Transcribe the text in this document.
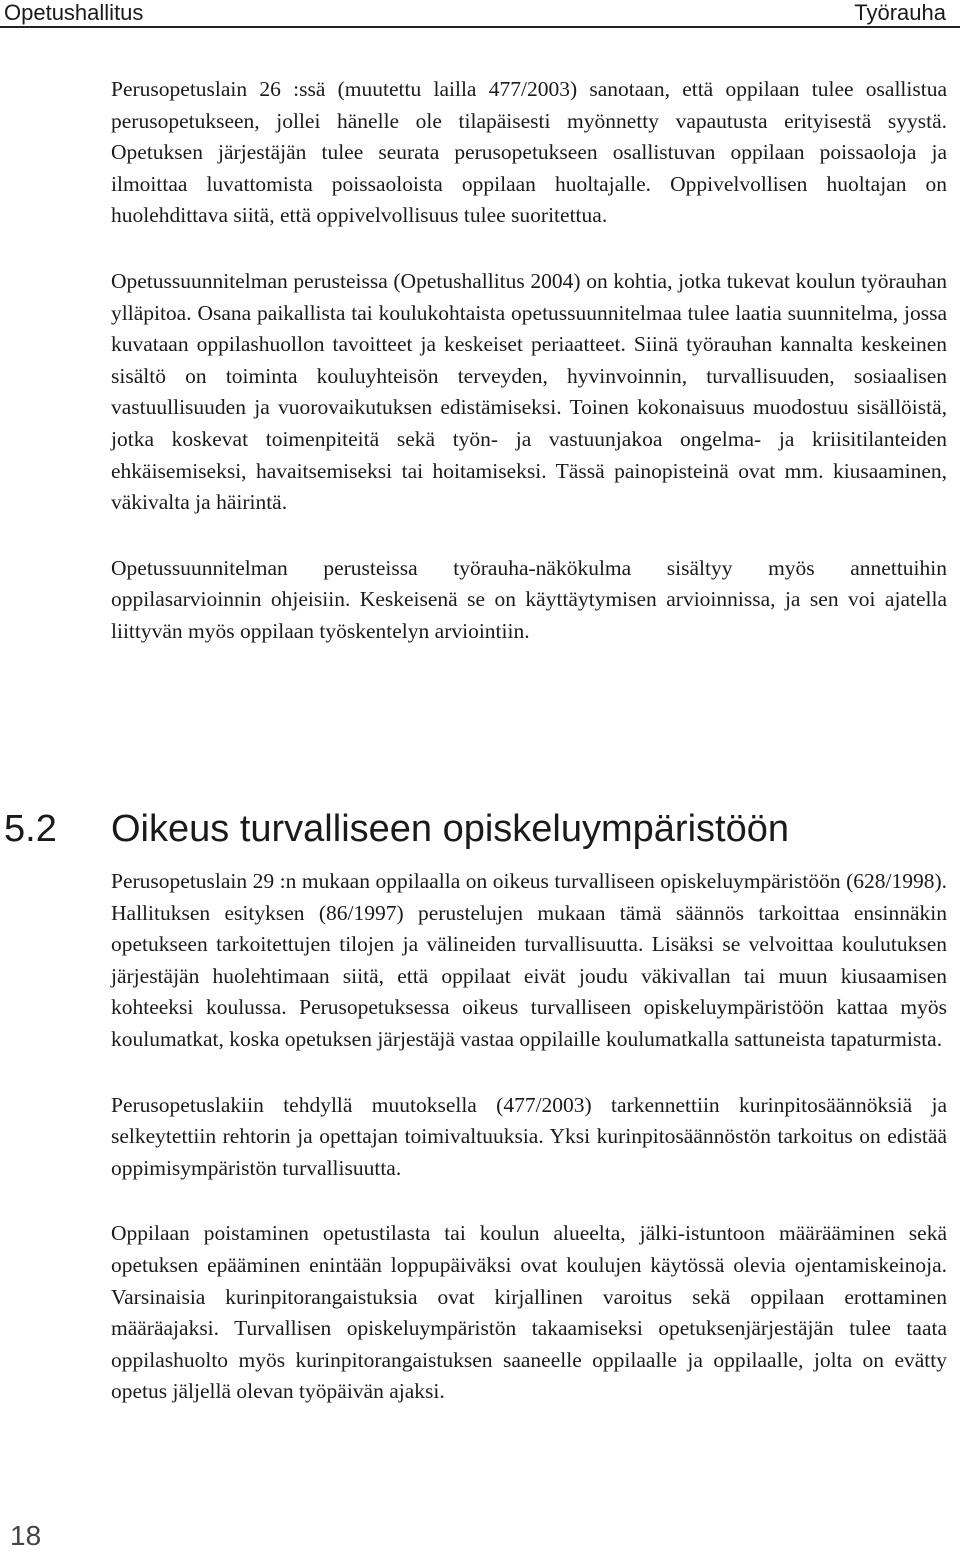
Opetushallitus	Työrauha

Perusopetuslain 26 :ssä (muutettu lailla 477/2003) sanotaan, että oppilaan tulee osallistua perusopetukseen, jollei hänelle ole tilapäisesti myönnetty vapautusta erityisestä syystä. Opetuksen järjestäjän tulee seurata perusopetukseen osallistuvan oppilaan poissaoloja ja ilmoittaa luvattomista poissaoloista oppilaan huoltajalle. Oppivelvollisen huoltajan on huolehdittava siitä, että oppivelvollisuus tulee suoritettua.

Opetussuunnitelman perusteissa (Opetushallitus 2004) on kohtia, jotka tukevat koulun työrauhan ylläpitoa. Osana paikallista tai koulukohtaista opetussuunnitelmaa tulee laatia suunnitelma, jossa kuvataan oppilashuollon tavoitteet ja keskeiset periaatteet. Siinä työrauhan kannalta keskeinen sisältö on toiminta kouluyhteisön terveyden, hyvinvoinnin, turvallisuuden, sosiaalisen vastuullisuuden ja vuorovaikutuksen edistämiseksi. Toinen kokonaisuus muodostuu sisällöistä, jotka koskevat toimenpiteitä sekä työn- ja vastuunjakoa ongelma- ja kriisitilanteiden ehkäisemiseksi, havaitsemiseksi tai hoitamiseksi. Tässä painopisteinä ovat mm. kiusaaminen, väkivalta ja häirintä.

Opetussuunnitelman perusteissa työrauha-näkökulma sisältyy myös annettuihin oppilasarvioinnin ohjeisiin. Keskeisenä se on käyttäytymisen arvioinnissa, ja sen voi ajatella liittyvän myös oppilaan työskentelyn arviointiin.

5.2 Oikeus turvalliseen opiskeluympäristöön

Perusopetuslain 29 :n mukaan oppilaalla on oikeus turvalliseen opiskeluympäristöön (628/1998). Hallituksen esityksen (86/1997) perustelujen mukaan tämä säännös tarkoittaa ensinnäkin opetukseen tarkoitettujen tilojen ja välineiden turvallisuutta. Lisäksi se velvoittaa koulutuksen järjestäjän huolehtimaan siitä, että oppilaat eivät joudu väkivallan tai muun kiusaamisen kohteeksi koulussa. Perusopetuksessa oikeus turvalliseen opiskeluympäristöön kattaa myös koulumatkat, koska opetuksen järjestäjä vastaa oppilaille koulumatkalla sattuneista tapaturmista.

Perusopetuslakiin tehdyllä muutoksella (477/2003) tarkennettiin kurinpitosäännöksiä ja selkeytettiin rehtorin ja opettajan toimivaltuuksia. Yksi kurinpitosäännöstön tarkoitus on edistää oppimisympäristön turvallisuutta.

Oppilaan poistaminen opetustilasta tai koulun alueelta, jälki-istuntoon määrääminen sekä opetuksen epääminen enintään loppupäiväksi ovat koulujen käytössä olevia ojentamiskeinoja. Varsinaisia kurinpitorangaistuksia ovat kirjallinen varoitus sekä oppilaan erottaminen määräajaksi. Turvallisen opiskeluympäristön takaamiseksi opetuksenjärjestäjän tulee taata oppilashuolto myös kurinpitorangaistuksen saaneelle oppilaalle ja oppilaalle, jolta on evätty opetus jäljellä olevan työpäivän ajaksi.

18
